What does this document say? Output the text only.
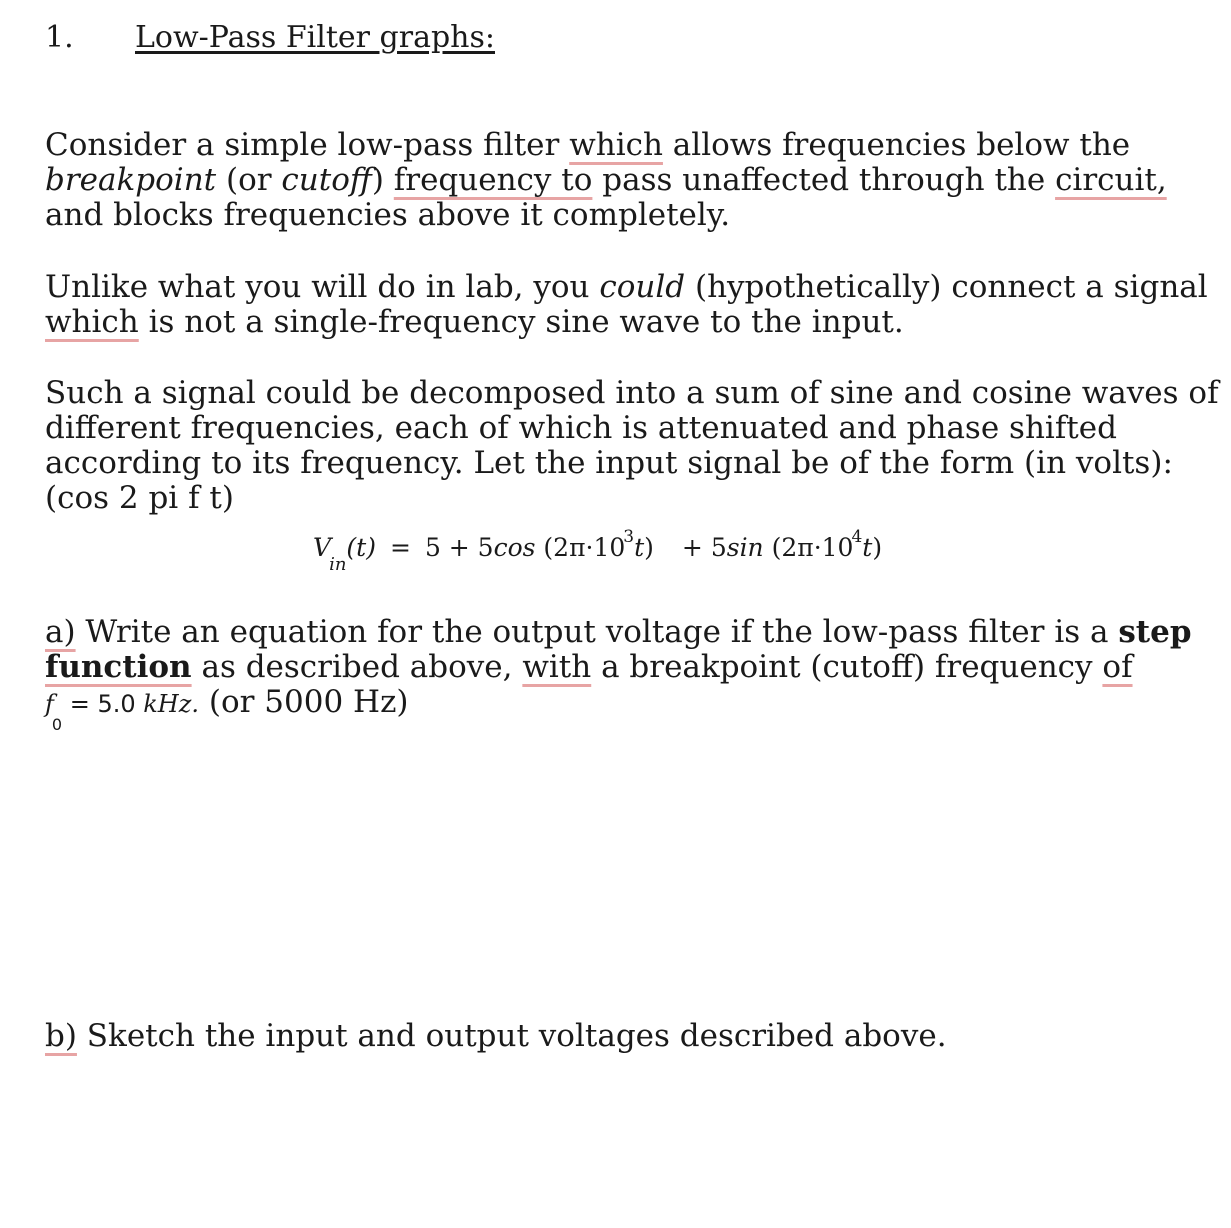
1. Low-Pass Filter graphs:

Consider a simple low-pass filter which allows frequencies below the breakpoint (or cutoff) frequency to pass unaffected through the circuit, and blocks frequencies above it completely.

Unlike what you will do in lab, you could (hypothetically) connect a signal which is not a single-frequency sine wave to the input.

Such a signal could be decomposed into a sum of sine and cosine waves of different frequencies, each of which is attenuated and phase shifted according to its frequency. Let the input signal be of the form (in volts): (cos 2 pi f t)

$V_{in}(t) = 5 + 5\cos$ $(2\pi\cdot 10^3t) + 5\sin$ $(2\pi\cdot 10^4t)$

a) Write an equation for the output voltage if the low-pass filter is a step
function as described above, with a breakpoint (cutoff) frequency of
$f_0 = 5.0$ kHz. (or 5000 Hz)

b) Sketch the input and output voltages described above.
